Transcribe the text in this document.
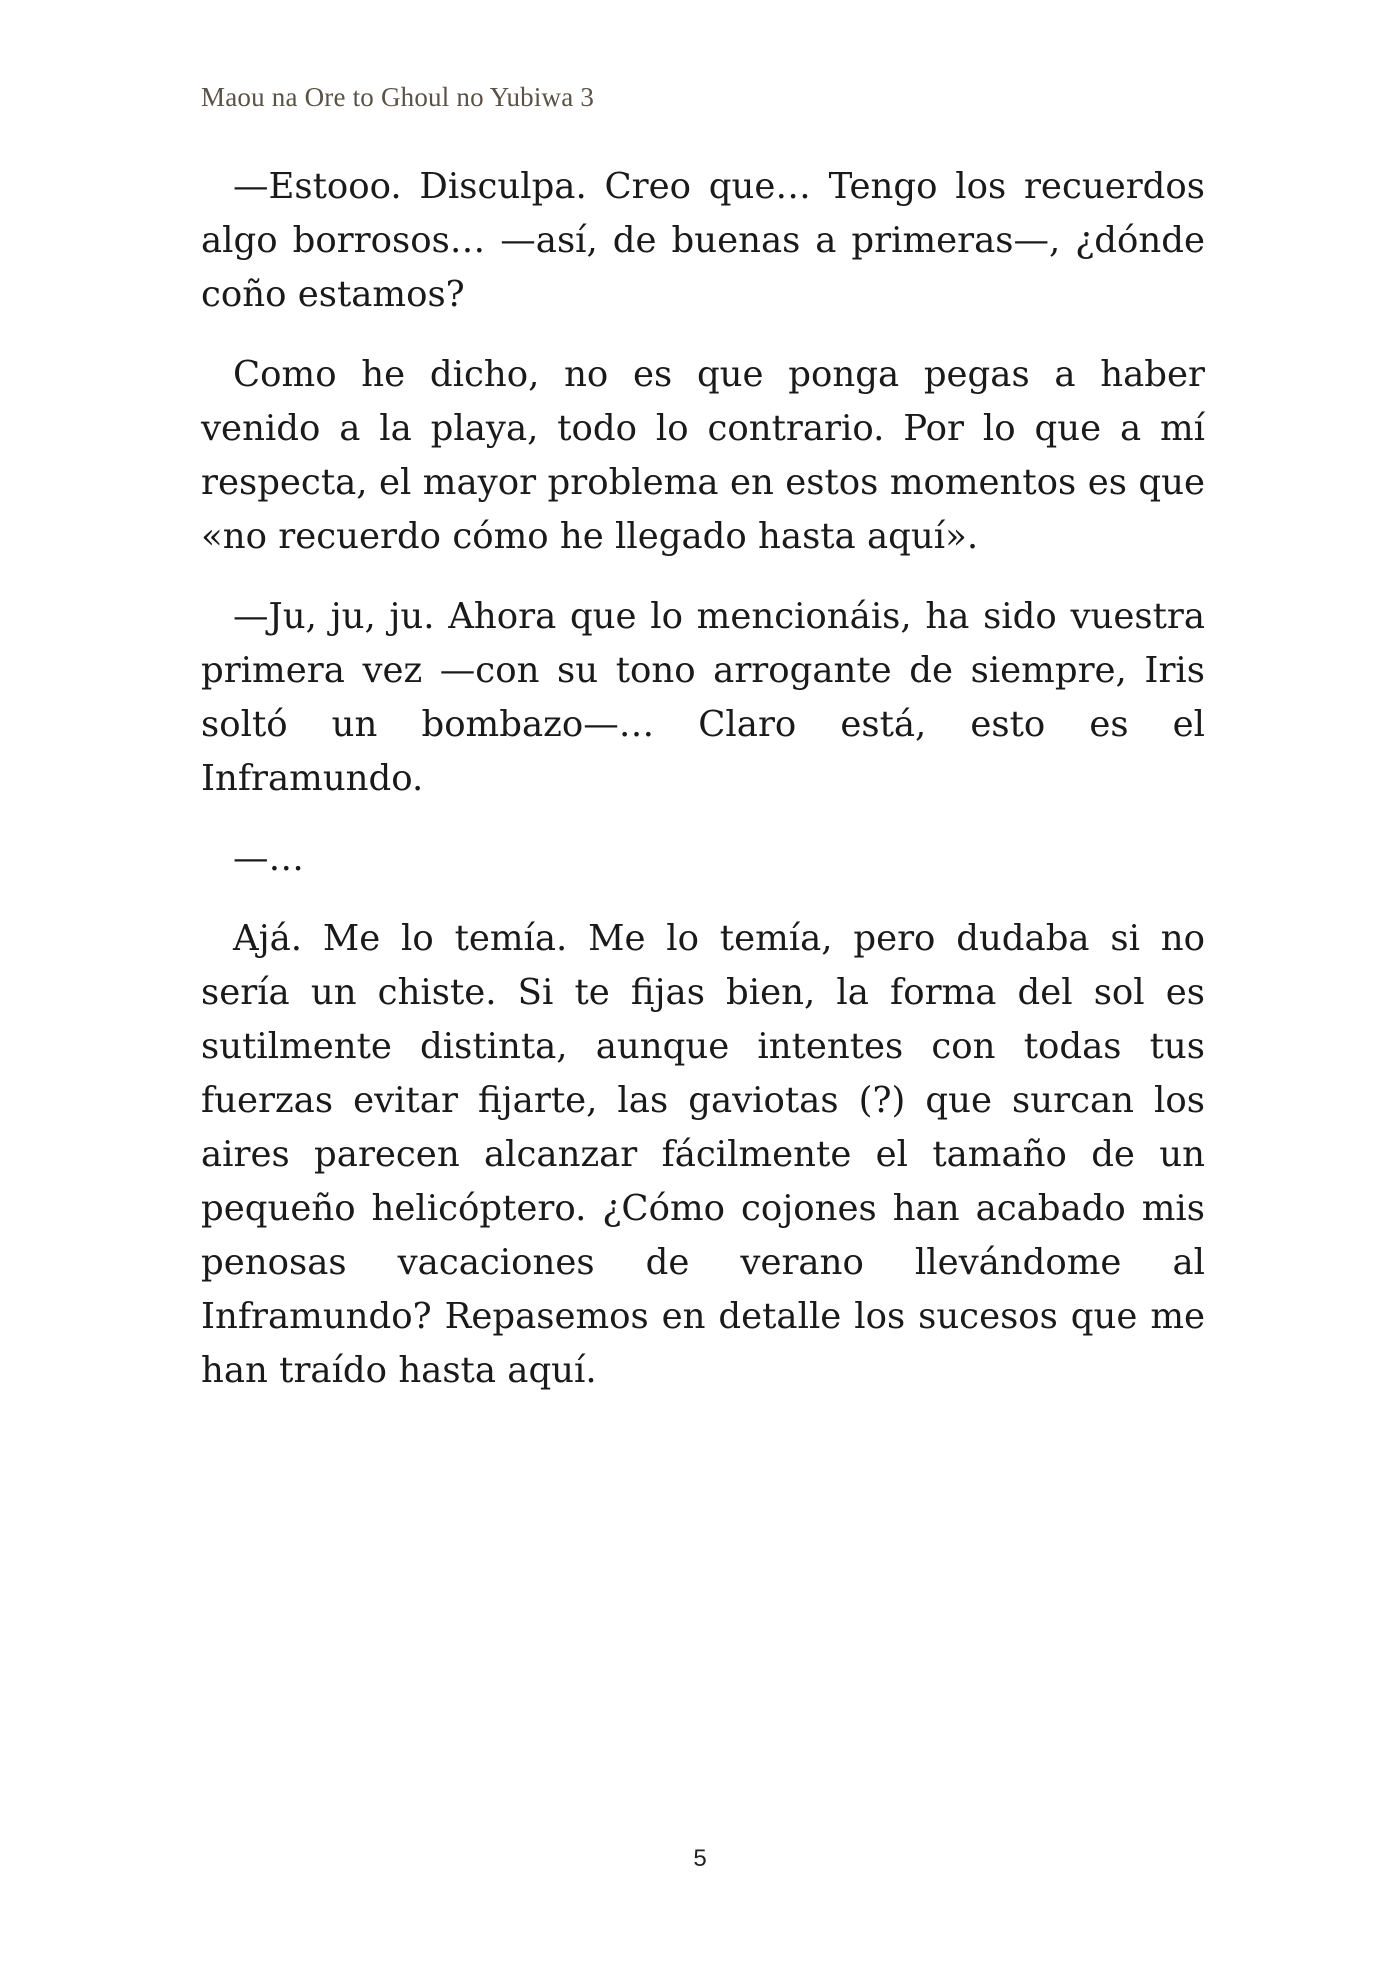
Maou na Ore to Ghoul no Yubiwa 3

—Estooo. Disculpa. Creo que… Tengo los recuerdos algo borrosos… —así, de buenas a primeras—, ¿dónde coño estamos?

Como he dicho, no es que ponga pegas a haber venido a la playa, todo lo contrario. Por lo que a mí respecta, el mayor problema en estos momentos es que «no recuerdo cómo he llegado hasta aquí».

—Ju, ju, ju. Ahora que lo mencionáis, ha sido vuestra primera vez —con su tono arrogante de siempre, Iris soltó un bombazo—… Claro está, esto es el Inframundo.

—…

Ajá. Me lo temía. Me lo temía, pero dudaba si no sería un chiste. Si te fijas bien, la forma del sol es sutilmente distinta, aunque intentes con todas tus fuerzas evitar fijarte, las gaviotas (?) que surcan los aires parecen alcanzar fácilmente el tamaño de un pequeño helicóptero. ¿Cómo cojones han acabado mis penosas vacaciones de verano llevándome al Inframundo? Repasemos en detalle los sucesos que me han traído hasta aquí.

5
